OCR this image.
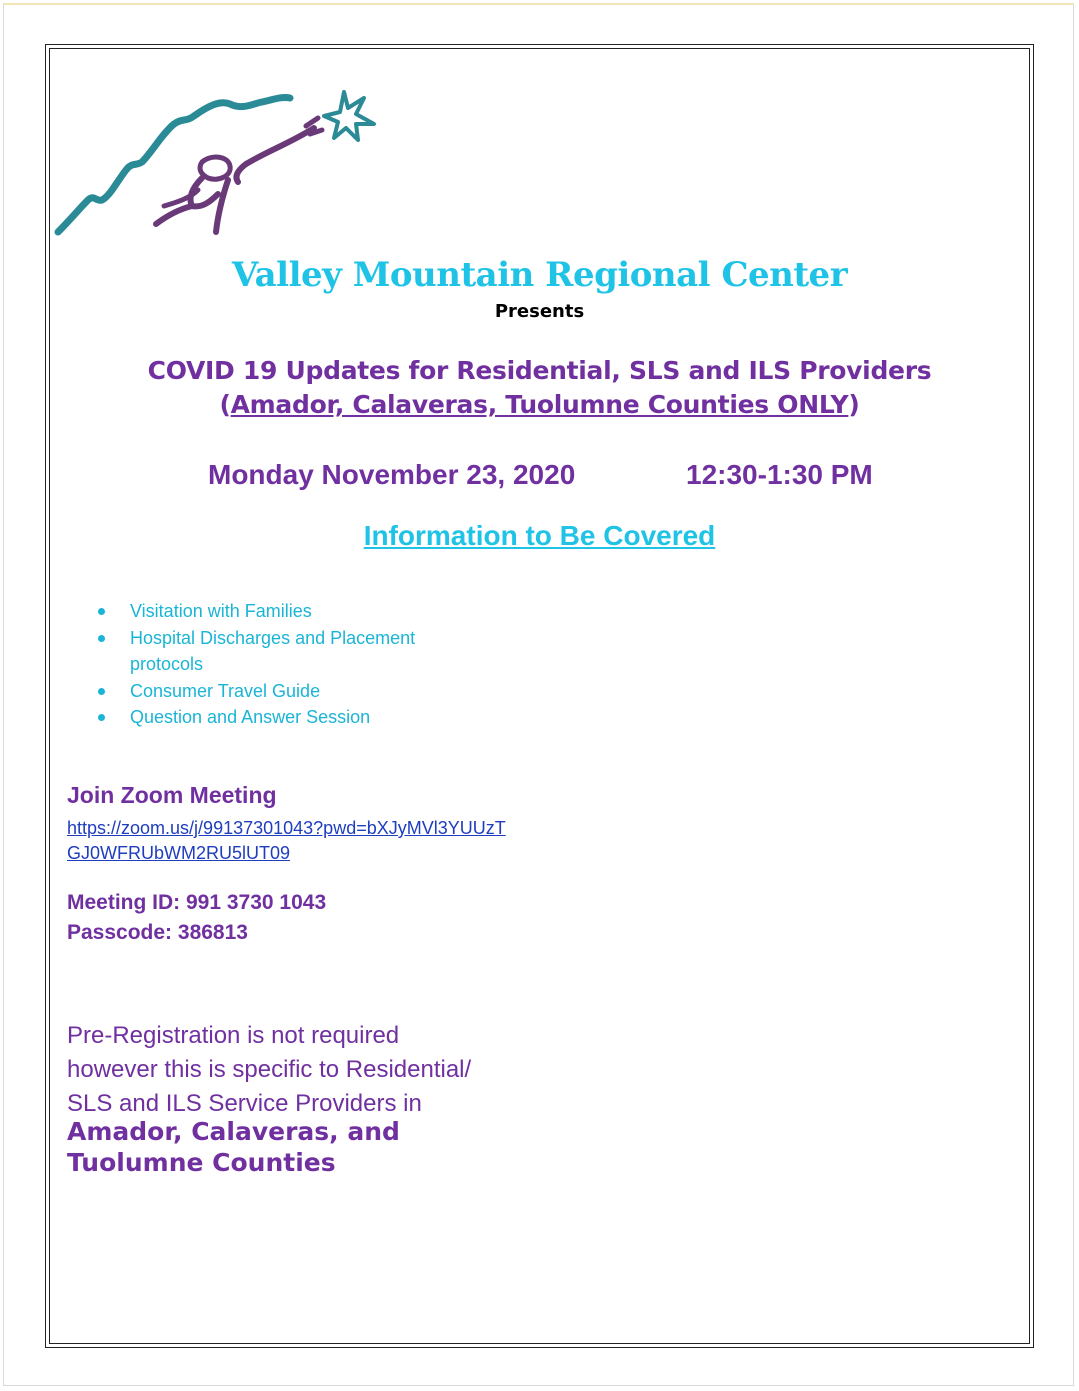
Valley Mountain Regional Center
Presents
COVID 19 Updates for Residential, SLS and ILS Providers
(Amador, Calaveras, Tuolumne Counties ONLY)
Monday November 23, 2020	12:30-1:30 PM
Information to Be Covered
Visitation with Families
Hospital Discharges and Placement protocols
Consumer Travel Guide
Question and Answer Session
Join Zoom Meeting
https://zoom.us/j/99137301043?pwd=bXJyMVl3YUUzTGJ0WFRUbWM2RU5lUT09
Meeting ID: 991 3730 1043
Passcode: 386813
Pre-Registration is not required
however this is specific to Residential/
SLS and ILS Service Providers in
Amador, Calaveras, and
Tuolumne Counties
